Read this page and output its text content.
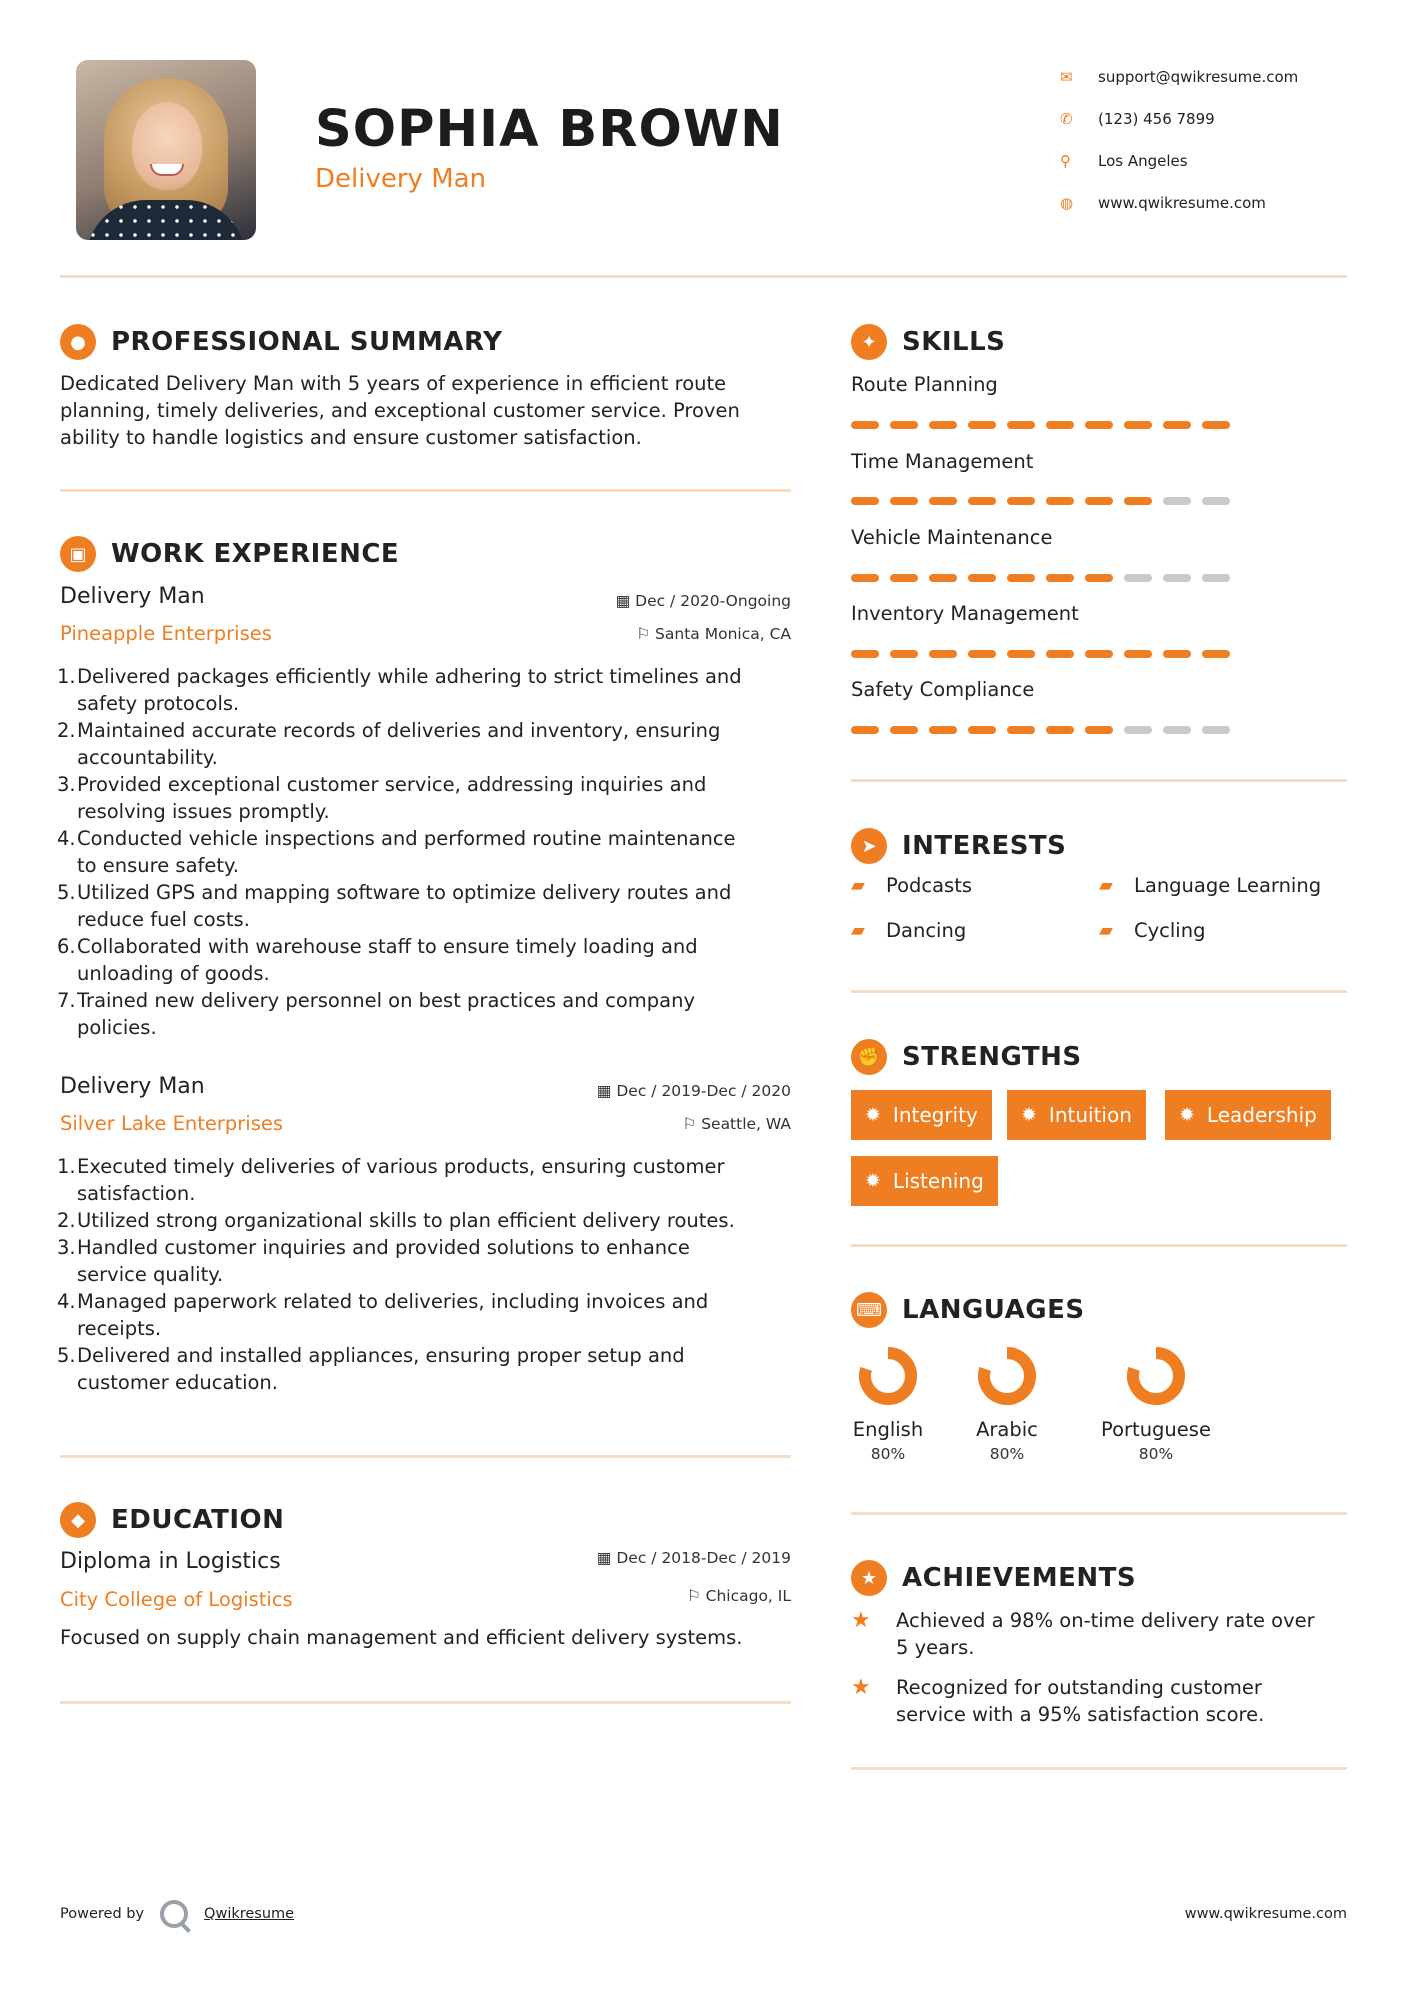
SOPHIA BROWN
Delivery Man
✉	support@qwikresume.com
✆	(123) 456 7899
⚲	Los Angeles
◍	www.qwikresume.com
● PROFESSIONAL SUMMARY
Dedicated Delivery Man with 5 years of experience in efficient route
planning, timely deliveries, and exceptional customer service. Proven
ability to handle logistics and ensure customer satisfaction.
▣ WORK EXPERIENCE
Delivery Man	▦ Dec / 2020-Ongoing
Pineapple Enterprises	⚐ Santa Monica, CA
1. Delivered packages efficiently while adhering to strict timelines and
safety protocols.
2. Maintained accurate records of deliveries and inventory, ensuring
accountability.
3. Provided exceptional customer service, addressing inquiries and
resolving issues promptly.
4. Conducted vehicle inspections and performed routine maintenance
to ensure safety.
5. Utilized GPS and mapping software to optimize delivery routes and
reduce fuel costs.
6. Collaborated with warehouse staff to ensure timely loading and
unloading of goods.
7. Trained new delivery personnel on best practices and company
policies.
Delivery Man	▦ Dec / 2019-Dec / 2020
Silver Lake Enterprises	⚐ Seattle, WA
1. Executed timely deliveries of various products, ensuring customer
satisfaction.
2. Utilized strong organizational skills to plan efficient delivery routes.
3. Handled customer inquiries and provided solutions to enhance
service quality.
4. Managed paperwork related to deliveries, including invoices and
receipts.
5. Delivered and installed appliances, ensuring proper setup and
customer education.
◆	EDUCATION
Diploma in Logistics	▦ Dec / 2018-Dec / 2019
City College of Logistics	⚐ Chicago, IL
Focused on supply chain management and efficient delivery systems.
✦ SKILLS
Route Planning
Time Management
Vehicle Maintenance
Inventory Management
Safety Compliance
➤ INTERESTS
▰	Podcasts	▰	Language Learning
▰	Dancing	▰	Cycling
✊ STRENGTHS
✹ Integrity ✹ Intuition ✹ Leadership
✹ Listening
⌨ LANGUAGES
English
80%
Arabic
80%
Portuguese
80%
★ ACHIEVEMENTS
★	Achieved a 98% on-time delivery rate over
5 years.
★	Recognized for outstanding customer
service with a 95% satisfaction score.
Powered by	Qwikresume	www.qwikresume.com
